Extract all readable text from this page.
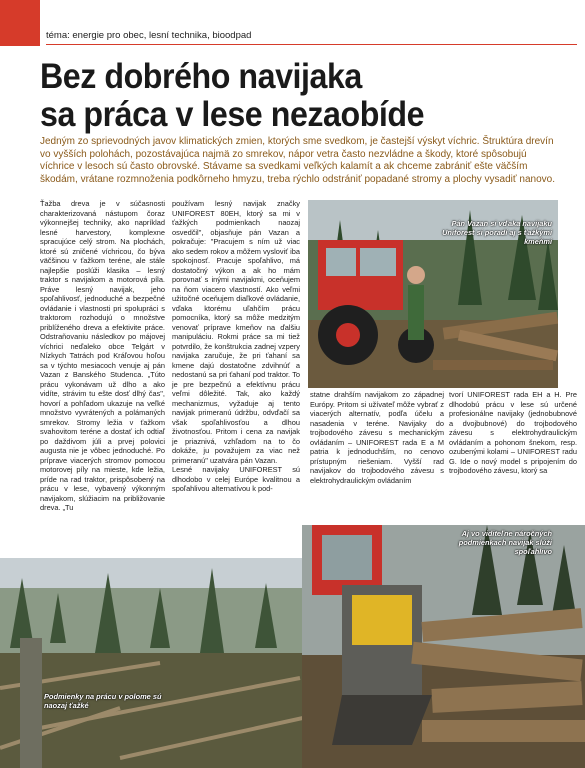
téma: energie pro obec, lesní technika, bioodpad
Bez dobrého navijaka
sa práca v lese nezaobíde

Jedným zo sprievodných javov klimatických zmien, ktorých sme svedkom, je častejší výskyt víchric. Štruktúra drevín vo vyšších polohách, pozostávajúca najmä zo smrekov, nápor vetra často nezvládne a škody, ktoré spôsobujú víchrice v lesoch sú často obrovské. Stávame sa svedkami veľkých kalamít a ak chceme zabrániť ešte väčším škodám, vrátane rozmnoženia podkôrneho hmyzu, treba rýchlo odstrániť popadané stromy a plochy vysadiť nanovo.

Ťažba dreva je v súčasnosti charakterizovaná nástupom čoraz výkonnejšej techniky, ako napríklad lesné harvestory, komplexne spracujúce celý strom. Na plochách, ktoré sú zničené víchricou, čo býva väčšinou v ťažkom teréne, ale stále najlepšie poslúži klasika – lesný traktor s navijakom a motorová píla. Práve lesný navijak, jeho spoľahlivosť, jednoduché a bezpečné ovládanie i vlastnosti pri spolupráci s traktorom rozhodujú o množstve priblíženého dreva a efektivite práce. Odstraňovaniu následkov po májovej víchrici neďaleko obce Telgárt v Nízkych Tatrách pod Kráľovou hoľou sa v týchto mesiacoch venuje aj pán Vazan z Banského Studenca. „Túto prácu vykonávam už dlho a ako vidíte, strávim tu ešte dosť dlhý čas", hovorí a pohľadom ukazuje na veľké množstvo vyvrátených a polámaných smrekov. Stromy ležia v ťažkom svahovitom teréne a dostať ich odtiaľ po daždivom júli a prvej polovici augusta nie je vôbec jednoduché. Po príprave viacerých stromov pomocou motorovej píly na mieste, kde ležia, príde na rad traktor, prispôsobený na prácu v lese, vybavený výkonným navijakom, slúžiacim na približovanie dreva. „Tu

používam lesný navijak značky UNIFOREST 80EH, ktorý sa mi v ťažkých podmienkach naozaj osvedčil", objasňuje pán Vazan a pokračuje: "Pracujem s ním už viac ako sedem rokov a môžem vysloviť iba spokojnosť. Pracuje spoľahlivo, má dostatočný výkon a ak ho mám porovnať s inými navijakmi, oceňujem na ňom viacero vlastností. Ako veľmi užitočné oceňujem diaľkové ovládanie, vďaka ktorému uľahčím prácu pomocníka, ktorý sa môže medzitým venovať príprave kmeňov na ďalšiu manipuláciu. Rokmi práce sa mi tiež potvrdilo, že konštrukcia zadnej vzpery navijaka zaručuje, že pri ťahaní sa kmene dajú dostatočne zdvihnúť a nedostanú sa pri ťahaní pod traktor. To je pre bezpečnú a efektívnu prácu veľmi dôležité. Tak, ako každý mechanizmus, vyžaduje aj tento navijak primeranú údržbu, odvďačí sa však spoľahlivosťou a dlhou životnosťou. Pritom i cena za navijak je priaznivá, vzhľadom na to čo dokáže, ju považujem za viac než primeranú" uzatvára pán Vazan.
Lesné navijaky UNIFOREST sú dlhodobo v celej Európe kvalitnou a spoľahlivou alternatívou k pod-

statne drahším navijakom zo západnej Európy. Pritom si užívateľ môže vybrať z viacerých alternatív, podľa účelu a nasadenia v teréne. Navijaky do trojbodového závesu s mechanickým ovládaním – UNIFOREST rada E a M patria k jednoduchším, no cenovo prístupným riešeniam. Vyšší rad navijakov do trojbodového závesu s elektrohydraulickým ovládaním

tvorí UNIFOREST rada EH a H. Pre dlhodobú prácu v lese sú určené profesionálne navijaky (jednobubnové a dvojbubnové) do trojbodového závesu s elektrohydraulickým ovládaním a pohonom šnekom, resp. ozubenými kolami – UNIFOREST radu G. Ide o nový model s pripojením do trojbodového závesu, ktorý sa

Pán Vazan si vďaka navijaku Uniforest si poradí aj s ťažkými kmeňmi
Aj vo viditeľne náročných podmienkach navijak slúži spoľahlivo
Podmienky na prácu v polome sú naozaj ťažké
